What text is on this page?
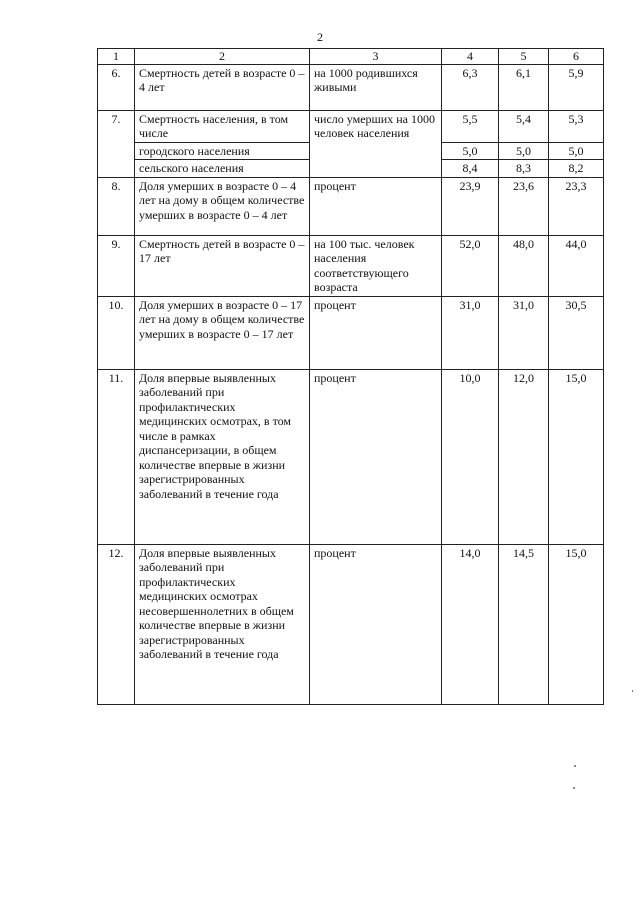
2
1	2	3	4	5	6
6.	Смертность детей в возрасте 0 – 4 лет	на 1000 родившихся живыми	6,3	6,1	5,9
7.	Смертность населения, в том числе	число умерших на 1000 человек населения	5,5	5,4	5,3
	городского населения		5,0	5,0	5,0
	сельского населения		8,4	8,3	8,2
8.	Доля умерших в возрасте 0 – 4 лет на дому в общем количестве умерших в возрасте 0 – 4 лет	процент	23,9	23,6	23,3
9.	Смертность детей в возрасте 0 – 17 лет	на 100 тыс. человек населения соответствующего возраста	52,0	48,0	44,0
10.	Доля умерших в возрасте 0 – 17 лет на дому в общем количестве умерших в возрасте 0 – 17 лет	процент	31,0	31,0	30,5
11.	Доля впервые выявленных заболеваний при профилактических медицинских осмотрах, в том числе в рамках диспансеризации, в общем количестве впервые в жизни зарегистрированных заболеваний в течение года	процент	10,0	12,0	15,0
12.	Доля впервые выявленных заболеваний при профилактических медицинских осмотрах несовершеннолетних в общем количестве впервые в жизни зарегистрированных заболеваний в течение года	процент	14,0	14,5	15,0
